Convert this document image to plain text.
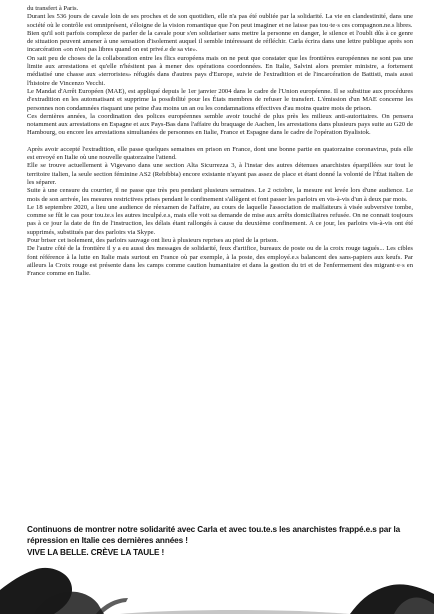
du transfert à Paris.

Durant les 536 jours de cavale loin de ses proches et de son quotidien, elle n'a pas été oubliée par la solidarité. La vie en clandestinité, dans une société où le contrôle est omniprésent, s'éloigne de la vision romantique que l'on peut imaginer et ne laisse pas tou·te·s ces compagnon.ne.s libres.

Bien qu'il soit parfois complexe de parler de la cavale pour s'en solidariser sans mettre la personne en danger, le silence et l'oubli dûs à ce genre de situation peuvent amener à une sensation d'isolement auquel il semble intéressant de réfléchir. Carla écrira dans une lettre publique après son incarcération «on n'est pas libres quand on est privé.e de sa vie».

On sait peu de choses de la collaboration entre les flics européens mais on ne peut que constater que les frontières européennes ne sont pas une limite aux arrestations et qu'elle n'hésitent pas à mener des opérations coordonnées. En Italie, Salvini alors premier ministre, a fortement médiatisé une chasse aux «terroristes» réfugiés dans d'autres pays d'Europe, suivie de l'extradition et de l'incarcération de Battisti, mais aussi l'histoire de Vincenzo Vecchi.

Le Mandat d'Arrêt Européen (MAE), est appliqué depuis le 1er janvier 2004 dans le cadre de l'Union européenne. Il se substitue aux procédures d'extradition en les automatisant et supprime la possibilité pour les États membres de refuser le transfert. L'émission d'un MAE concerne les personnes non condamnées risquant une peine d'au moins un an ou les condamnations effectives d'au moins quatre mois de prison.

Ces dernières années, la coordination des polices européennes semble avoir touché de plus près les milieux anti-autoritaires. On pensera notamment aux arrestations en Espagne et aux Pays-Bas dans l'affaire du braquage de Aachen, les arrestations dans plusieurs pays suite au G20 de Hambourg, ou encore les arrestations simultanées de personnes en Italie, France et Espagne dans le cadre de l'opération Byalistok.

Après avoir accepté l'extradition, elle passe quelques semaines en prison en France, dont une bonne partie en quatorzaine coronavirus, puis elle est envoyé en Italie où une nouvelle quatorzaine l'attend.

Elle se trouve actuellement à Vigevano dans une section Alta Sicurrezza 3, à l'instar des autres détenues anarchistes éparpillées sur tout le territoire italien, la seule section féminine AS2 (Rebibbia) encore existante n'ayant pas assez de place et étant donné la volonté de l'État italien de les séparer.

Suite à une censure du courrier, il ne passe que très peu pendant plusieurs semaines. Le 2 octobre, la mesure est levée lors d'une audience. Le mois de son arrivée, les mesures restrictives prises pendant le confinement s'allègent et font passer les parloirs en vis-à-vis d'un à deux par mois.

Le 18 septembre 2020, a lieu une audience de réexamen de l'affaire, au cours de laquelle l'association de malfaiteurs à visée subversive tombe, comme se fût le cas pour tou.te.s les autres inculpé.e.s, mais elle voit sa demande de mise aux arrêts domiciliaires refusée. On ne connait toujours pas à ce jour la date de fin de l'instruction, les délais étant rallongés à cause du deuxième confinement. A ce jour, les parloirs vis-à-vis ont été supprimés, substitués par des parloirs via Skype.

Pour briser cet isolement, des parloirs sauvage ont lieu à plusieurs reprises au pied de la prison.

De l'autre côté de la frontière il y a eu aussi des messages de solidarité, feux d'artifice, bureaux de poste ou de la croix rouge tagués... Les cibles font référence à la lutte en Italie mais surtout en France où par exemple, à la poste, des employé.e.s balancent des sans-papiers aux keufs. Par ailleurs la Croix rouge est présente dans les camps comme caution humanitaire et dans la gestion du tri et de l'enfermement des migrant·e·s en France comme en Italie.

Continuons de montrer notre solidarité avec Carla et avec tou.te.s les anarchistes frappé.e.s par la répression en Italie ces dernières années !

VIVE LA BELLE. CRÈVE LA TAULE !
